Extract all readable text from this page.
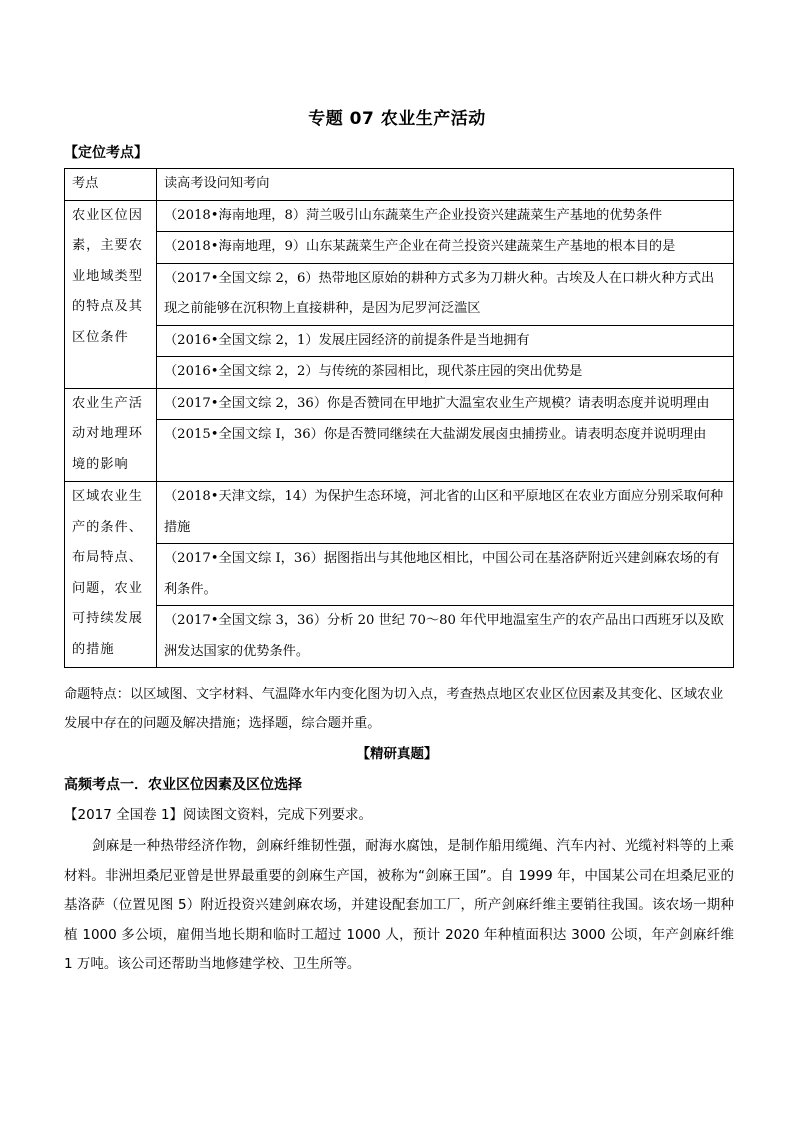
专题 07 农业生产活动
【定位考点】
考点	读高考设问知考向
农业区位因素，主要农业地域类型的特点及其区位条件	（2018•海南地理，8）菏兰吸引山东蔬菜生产企业投资兴建蔬菜生产基地的优势条件
	（2018•海南地理，9）山东某蔬菜生产企业在荷兰投资兴建蔬菜生产基地的根本目的是
	（2017•全国文综 2，6）热带地区原始的耕种方式多为刀耕火种。古埃及人在口耕火种方式出现之前能够在沉积物上直接耕种，是因为尼罗河泛滥区
	（2016•全国文综 2，1）发展庄园经济的前提条件是当地拥有
	（2016•全国文综 2，2）与传统的茶园相比，现代茶庄园的突出优势是
农业生产活动对地理环境的影响	（2017•全国文综 2，36）你是否赞同在甲地扩大温室农业生产规模？请表明态度并说明理由
	（2015•全国文综 I，36）你是否赞同继续在大盐湖发展卤虫捕捞业。请表明态度并说明理由
区域农业生产的条件、布局特点、问题，农业可持续发展的措施	（2018•天津文综，14）为保护生态环境，河北省的山区和平原地区在农业方面应分别采取何种措施
	（2017•全国文综 I，36）据图指出与其他地区相比，中国公司在基洛萨附近兴建剑麻农场的有利条件。
	（2017•全国文综 3，36）分析 20 世纪 70～80 年代甲地温室生产的农产品出口西班牙以及欧洲发达国家的优势条件。
命题特点：以区域图、文字材料、气温降水年内变化图为切入点，考查热点地区农业区位因素及其变化、区域农业发展中存在的问题及解决措施；选择题，综合题并重。
【精研真题】
高频考点一．农业区位因素及区位选择
【2017 全国卷 1】阅读图文资料，完成下列要求。
剑麻是一种热带经济作物，剑麻纤维韧性强，耐海水腐蚀，是制作船用缆绳、汽车内衬、光缆衬料等的上乘材料。非洲坦桑尼亚曾是世界最重要的剑麻生产国，被称为“剑麻王国”。自 1999 年，中国某公司在坦桑尼亚的基洛萨（位置见图 5）附近投资兴建剑麻农场，并建设配套加工厂，所产剑麻纤维主要销往我国。该农场一期种植 1000 多公顷，雇佣当地长期和临时工超过 1000 人，预计 2020 年种植面积达 3000 公顷，年产剑麻纤维 1 万吨。该公司还帮助当地修建学校、卫生所等。
